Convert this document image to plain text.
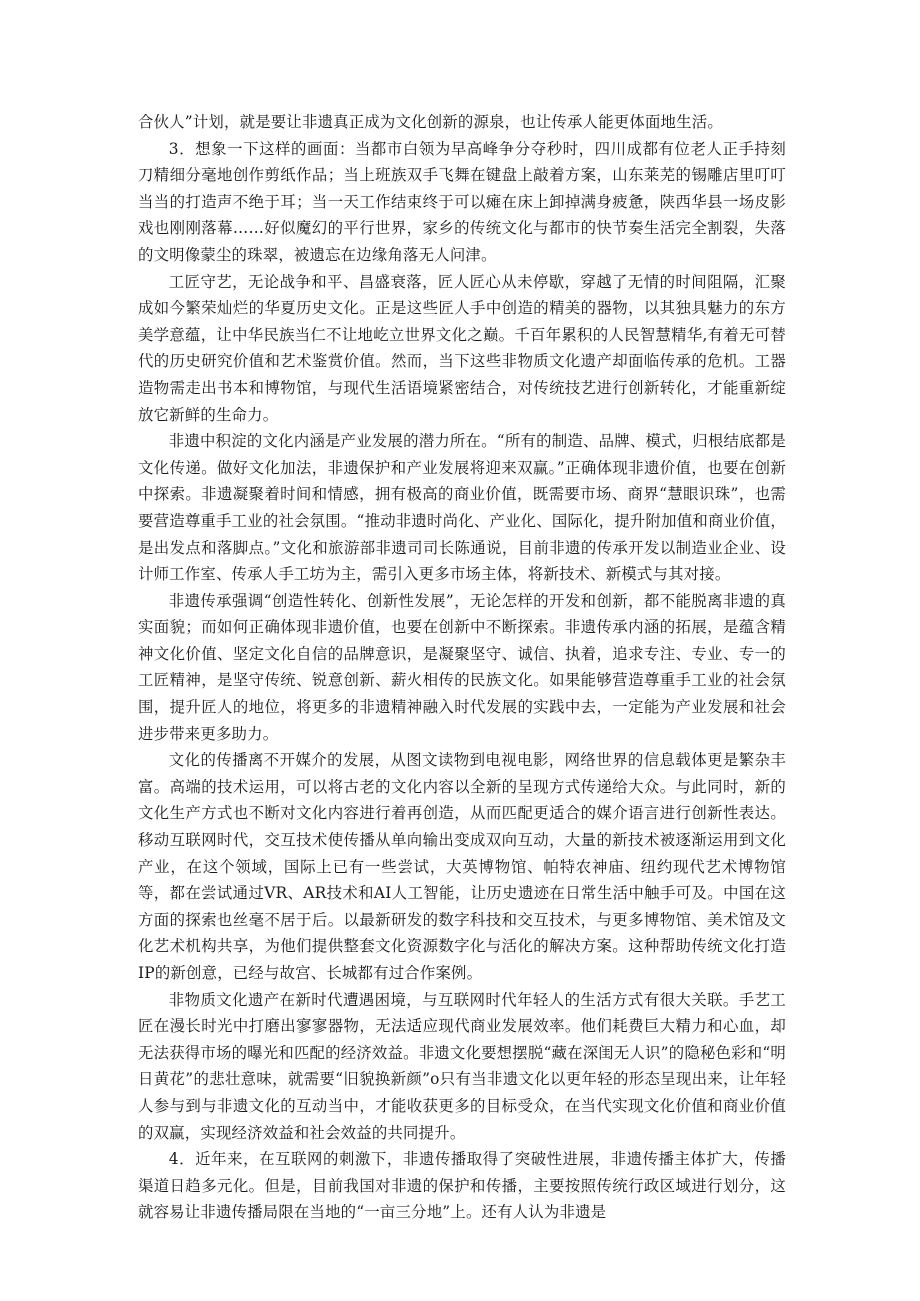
合伙人”计划，就是要让非遗真正成为文化创新的源泉，也让传承人能更体面地生活。

3．想象一下这样的画面：当都市白领为早高峰争分夺秒时，四川成都有位老人正手持刻刀精细分毫地创作剪纸作品；当上班族双手飞舞在键盘上敲着方案，山东莱芜的锡雕店里叮叮当当的打造声不绝于耳；当一天工作结束终于可以瘫在床上卸掉满身疲惫，陕西华县一场皮影戏也刚刚落幕……好似魔幻的平行世界，家乡的传统文化与都市的快节奏生活完全割裂，失落的文明像蒙尘的珠翠，被遗忘在边缘角落无人问津。

工匠守艺，无论战争和平、昌盛衰落，匠人匠心从未停歇，穿越了无情的时间阻隔，汇聚成如今繁荣灿烂的华夏历史文化。正是这些匠人手中创造的精美的器物，以其独具魅力的东方美学意蕴，让中华民族当仁不让地屹立世界文化之巅。千百年累积的人民智慧精华,有着无可替代的历史研究价值和艺术鉴赏价值。然而，当下这些非物质文化遗产却面临传承的危机。工器造物需走出书本和博物馆，与现代生活语境紧密结合，对传统技艺进行创新转化，才能重新绽放它新鲜的生命力。

非遗中积淀的文化内涵是产业发展的潜力所在。“所有的制造、品牌、模式，归根结底都是文化传递。做好文化加法，非遗保护和产业发展将迎来双赢。”正确体现非遗价值，也要在创新中探索。非遗凝聚着时间和情感，拥有极高的商业价值，既需要市场、商界“慧眼识珠”，也需要营造尊重手工业的社会氛围。“推动非遗时尚化、产业化、国际化，提升附加值和商业价值，是出发点和落脚点。”文化和旅游部非遗司司长陈通说，目前非遗的传承开发以制造业企业、设计师工作室、传承人手工坊为主，需引入更多市场主体，将新技术、新模式与其对接。

非遗传承强调“创造性转化、创新性发展”，无论怎样的开发和创新，都不能脱离非遗的真实面貌；而如何正确体现非遗价值，也要在创新中不断探索。非遗传承内涵的拓展，是蕴含精神文化价值、坚定文化自信的品牌意识，是凝聚坚守、诚信、执着，追求专注、专业、专一的工匠精神，是坚守传统、锐意创新、薪火相传的民族文化。如果能够营造尊重手工业的社会氛围，提升匠人的地位，将更多的非遗精神融入时代发展的实践中去，一定能为产业发展和社会进步带来更多助力。

文化的传播离不开媒介的发展，从图文读物到电视电影，网络世界的信息载体更是繁杂丰富。高端的技术运用，可以将古老的文化内容以全新的呈现方式传递给大众。与此同时，新的文化生产方式也不断对文化内容进行着再创造，从而匹配更适合的媒介语言进行创新性表达。移动互联网时代，交互技术使传播从单向输出变成双向互动，大量的新技术被逐渐运用到文化产业，在这个领域，国际上已有一些尝试，大英博物馆、帕特农神庙、纽约现代艺术博物馆等，都在尝试通过VR、AR技术和AI人工智能，让历史遗迹在日常生活中触手可及。中国在这方面的探索也丝毫不居于后。以最新研发的数字科技和交互技术，与更多博物馆、美术馆及文化艺术机构共享，为他们提供整套文化资源数字化与活化的解决方案。这种帮助传统文化打造IP的新创意，已经与故宫、长城都有过合作案例。

非物质文化遗产在新时代遭遇困境，与互联网时代年轻人的生活方式有很大关联。手艺工匠在漫长时光中打磨出寥寥器物，无法适应现代商业发展效率。他们耗费巨大精力和心血，却无法获得市场的曝光和匹配的经济效益。非遗文化要想摆脱“藏在深闺无人识”的隐秘色彩和“明日黄花”的悲壮意味，就需要“旧貌换新颜”o只有当非遗文化以更年轻的形态呈现出来，让年轻人参与到与非遗文化的互动当中，才能收获更多的目标受众，在当代实现文化价值和商业价值的双赢，实现经济效益和社会效益的共同提升。

4．近年来，在互联网的刺激下，非遗传播取得了突破性进展，非遗传播主体扩大，传播渠道日趋多元化。但是，目前我国对非遗的保护和传播，主要按照传统行政区域进行划分，这就容易让非遗传播局限在当地的“一亩三分地”上。还有人认为非遗是
